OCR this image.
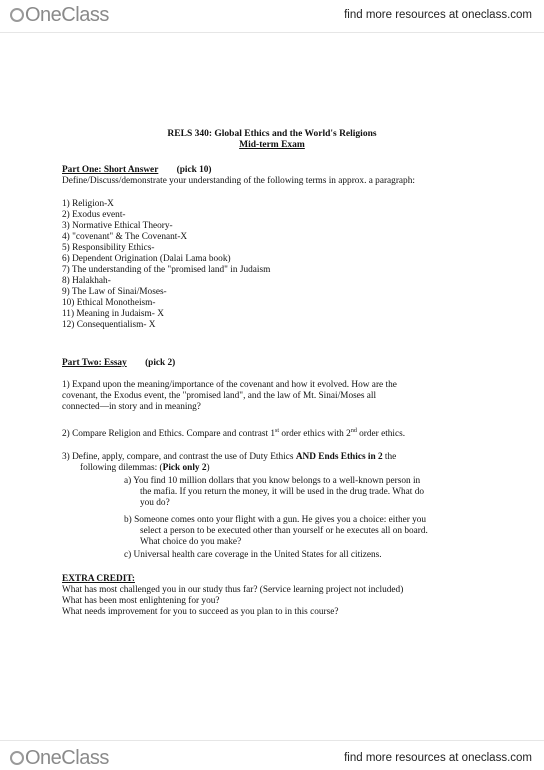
OneClass	find more resources at oneclass.com
RELS 340: Global Ethics and the World's Religions
Mid-term Exam
Part One: Short Answer (pick 10)
Define/Discuss/demonstrate your understanding of the following terms in approx. a paragraph:
1) Religion-X
2) Exodus event-
3) Normative Ethical Theory-
4) "covenant" & The Covenant-X
5) Responsibility Ethics-
6) Dependent Origination (Dalai Lama book)
7) The understanding of the "promised land" in Judaism
8) Halakhah-
9) The Law of Sinai/Moses-
10) Ethical Monotheism-
11) Meaning in Judaism- X
12) Consequentialism- X
Part Two: Essay (pick 2)
1) Expand upon the meaning/importance of the covenant and how it evolved. How are the
covenant, the Exodus event, the "promised land", and the law of Mt. Sinai/Moses all
connected—in story and in meaning?
2) Compare Religion and Ethics. Compare and contrast 1st order ethics with 2nd order ethics.
3) Define, apply, compare, and contrast the use of Duty Ethics AND Ends Ethics in 2 the
following dilemmas: (Pick only 2)
a) You find 10 million dollars that you know belongs to a well-known person in
the mafia. If you return the money, it will be used in the drug trade. What do
you do?
b) Someone comes onto your flight with a gun. He gives you a choice: either you
select a person to be executed other than yourself or he executes all on board.
What choice do you make?
c) Universal health care coverage in the United States for all citizens.
EXTRA CREDIT:
What has most challenged you in our study thus far? (Service learning project not included)
What has been most enlightening for you?
What needs improvement for you to succeed as you plan to in this course?
OneClass	find more resources at oneclass.com
